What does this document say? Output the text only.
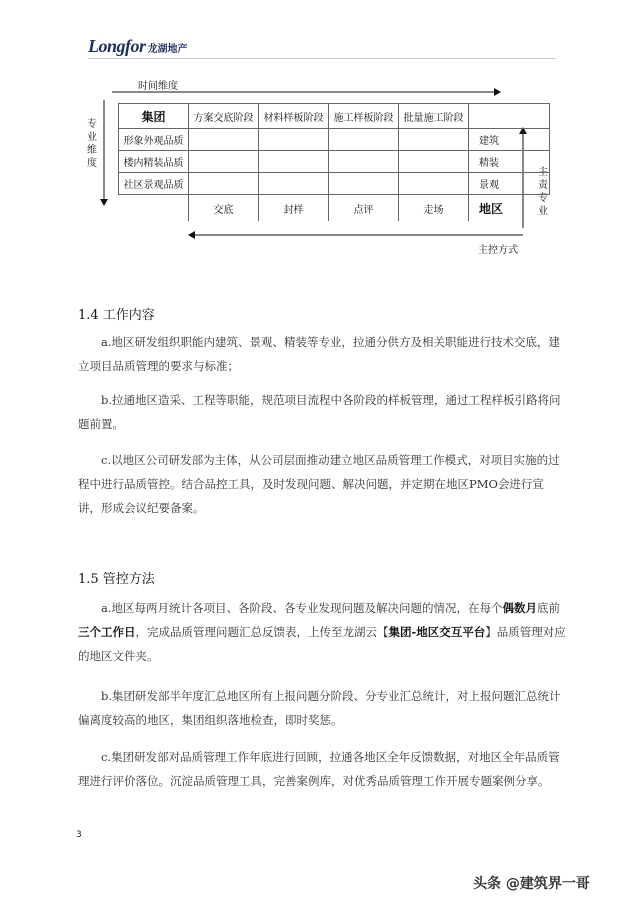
Longfor 龙湖地产
时间维度
专业维度
主责专业
主控方式
集团	方案交底阶段	材料样板阶段	施工样板阶段	批量施工阶段	
形象外观品质					建筑
楼内精装品质					精装
社区景观品质					景观
	交底	封样	点评	走场	地区
1.4 工作内容

a.地区研发组织职能内建筑、景观、精装等专业，拉通分供方及相关职能进行技术交底，建立项目品质管理的要求与标准；

b.拉通地区造采、工程等职能，规范项目流程中各阶段的样板管理，通过工程样板引路将问题前置。

c.以地区公司研发部为主体，从公司层面推动建立地区品质管理工作模式，对项目实施的过程中进行品质管控。结合品控工具，及时发现问题、解决问题，并定期在地区PMO会进行宣讲，形成会议纪要备案。

1.5 管控方法

a.地区每两月统计各项目、各阶段、各专业发现问题及解决问题的情况，在每个偶数月底前三个工作日，完成品质管理问题汇总反馈表，上传至龙湖云【集团-地区交互平台】品质管理对应的地区文件夹。

b.集团研发部半年度汇总地区所有上报问题分阶段、分专业汇总统计，对上报问题汇总统计偏离度较高的地区，集团组织落地检查，即时奖惩。

c.集团研发部对品质管理工作年底进行回顾，拉通各地区全年反馈数据，对地区全年品质管理进行评价落位。沉淀品质管理工具，完善案例库，对优秀品质管理工作开展专题案例分享。

3
头条 @建筑界一哥
